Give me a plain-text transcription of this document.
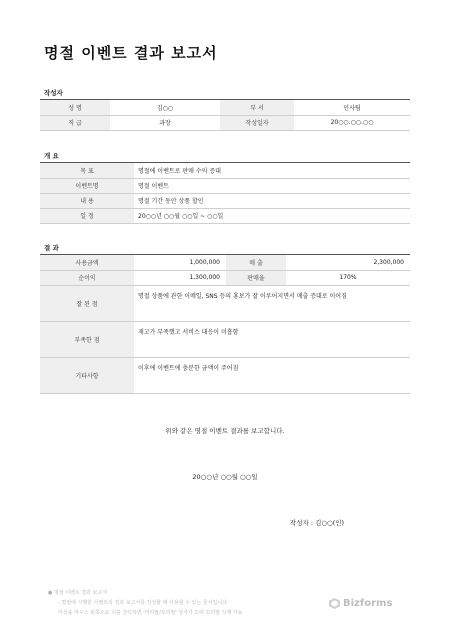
명절 이벤트 결과 보고서
작성자
성 명	김○○	부 서	인사팀
직 급	과장	작성일자	20○○.○○.○○
개 요
목 표	명절에 이벤트로 판매 수익 증대
이벤트명	명절 이벤트
내 용	명절 기간 동안 상품 할인
일 정	20○○년 ○○월 ○○일 ~ ○○일
결 과
사용금액	1,000,000	매 출	2,300,000
순이익	1,300,000	판매율	170%
잘 된 점	명절 상품에 관한 이메일, SNS 등의 홍보가 잘 이루어지면서 매출 증대로 이어짐		
부족한 점	재고가 부족했고 서비스 대응이 미흡함		
기타사항	이후에 이벤트에 충분한 금액이 주어짐		
위와 같은 명절 이벤트 결과를 보고합니다.
20○○년 ○○월 ○○일
작성자 : 김○○(인)
● 명절 이벤트 결과 보고서
- 명절에 시행한 이벤트의 결과 보고서를 작성할 때 사용할 수 있는 문서입니다.
이상을 마우스 왼쪽으로 더블 클릭하면 '머리말/꼬리말' 상자가 뜨며 꼬리말 삭제 가능
Bizforms
